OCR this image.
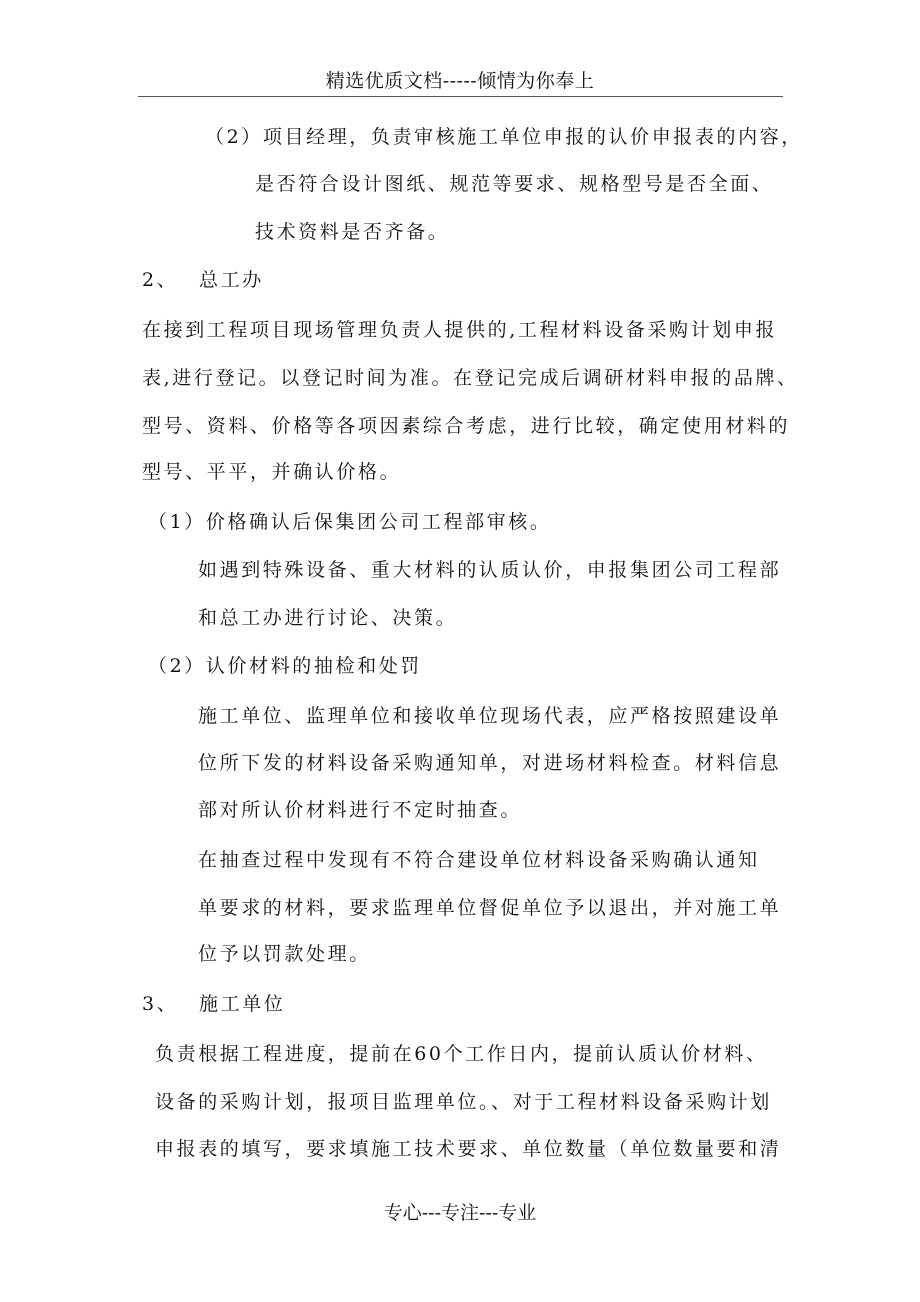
精选优质文档-----倾情为你奉上
（2）项目经理，负责审核施工单位申报的认价申报表的内容，
是否符合设计图纸、规范等要求、规格型号是否全面、
技术资料是否齐备。
2、　 总工办
在接到工程项目现场管理负责人提供的,工程材料设备采购计划申报
表,进行登记。以登记时间为准。在登记完成后调研材料申报的品牌、
型号、资料、价格等各项因素综合考虑，进行比较，确定使用材料的
型号、平平，并确认价格。
（1）价格确认后保集团公司工程部审核。
如遇到特殊设备、重大材料的认质认价，申报集团公司工程部
和总工办进行讨论、决策。
（2）认价材料的抽检和处罚
施工单位、监理单位和接收单位现场代表，应严格按照建设单
位所下发的材料设备采购通知单，对进场材料检查。材料信息
部对所认价材料进行不定时抽查。
在抽查过程中发现有不符合建设单位材料设备采购确认通知
单要求的材料，要求监理单位督促单位予以退出，并对施工单
位予以罚款处理。
3、　 施工单位
负责根据工程进度，提前在60个工作日内，提前认质认价材料、
设备的采购计划，报项目监理单位。、对于工程材料设备采购计划
申报表的填写，要求填施工技术要求、单位数量（单位数量要和清
专心---专注---专业
